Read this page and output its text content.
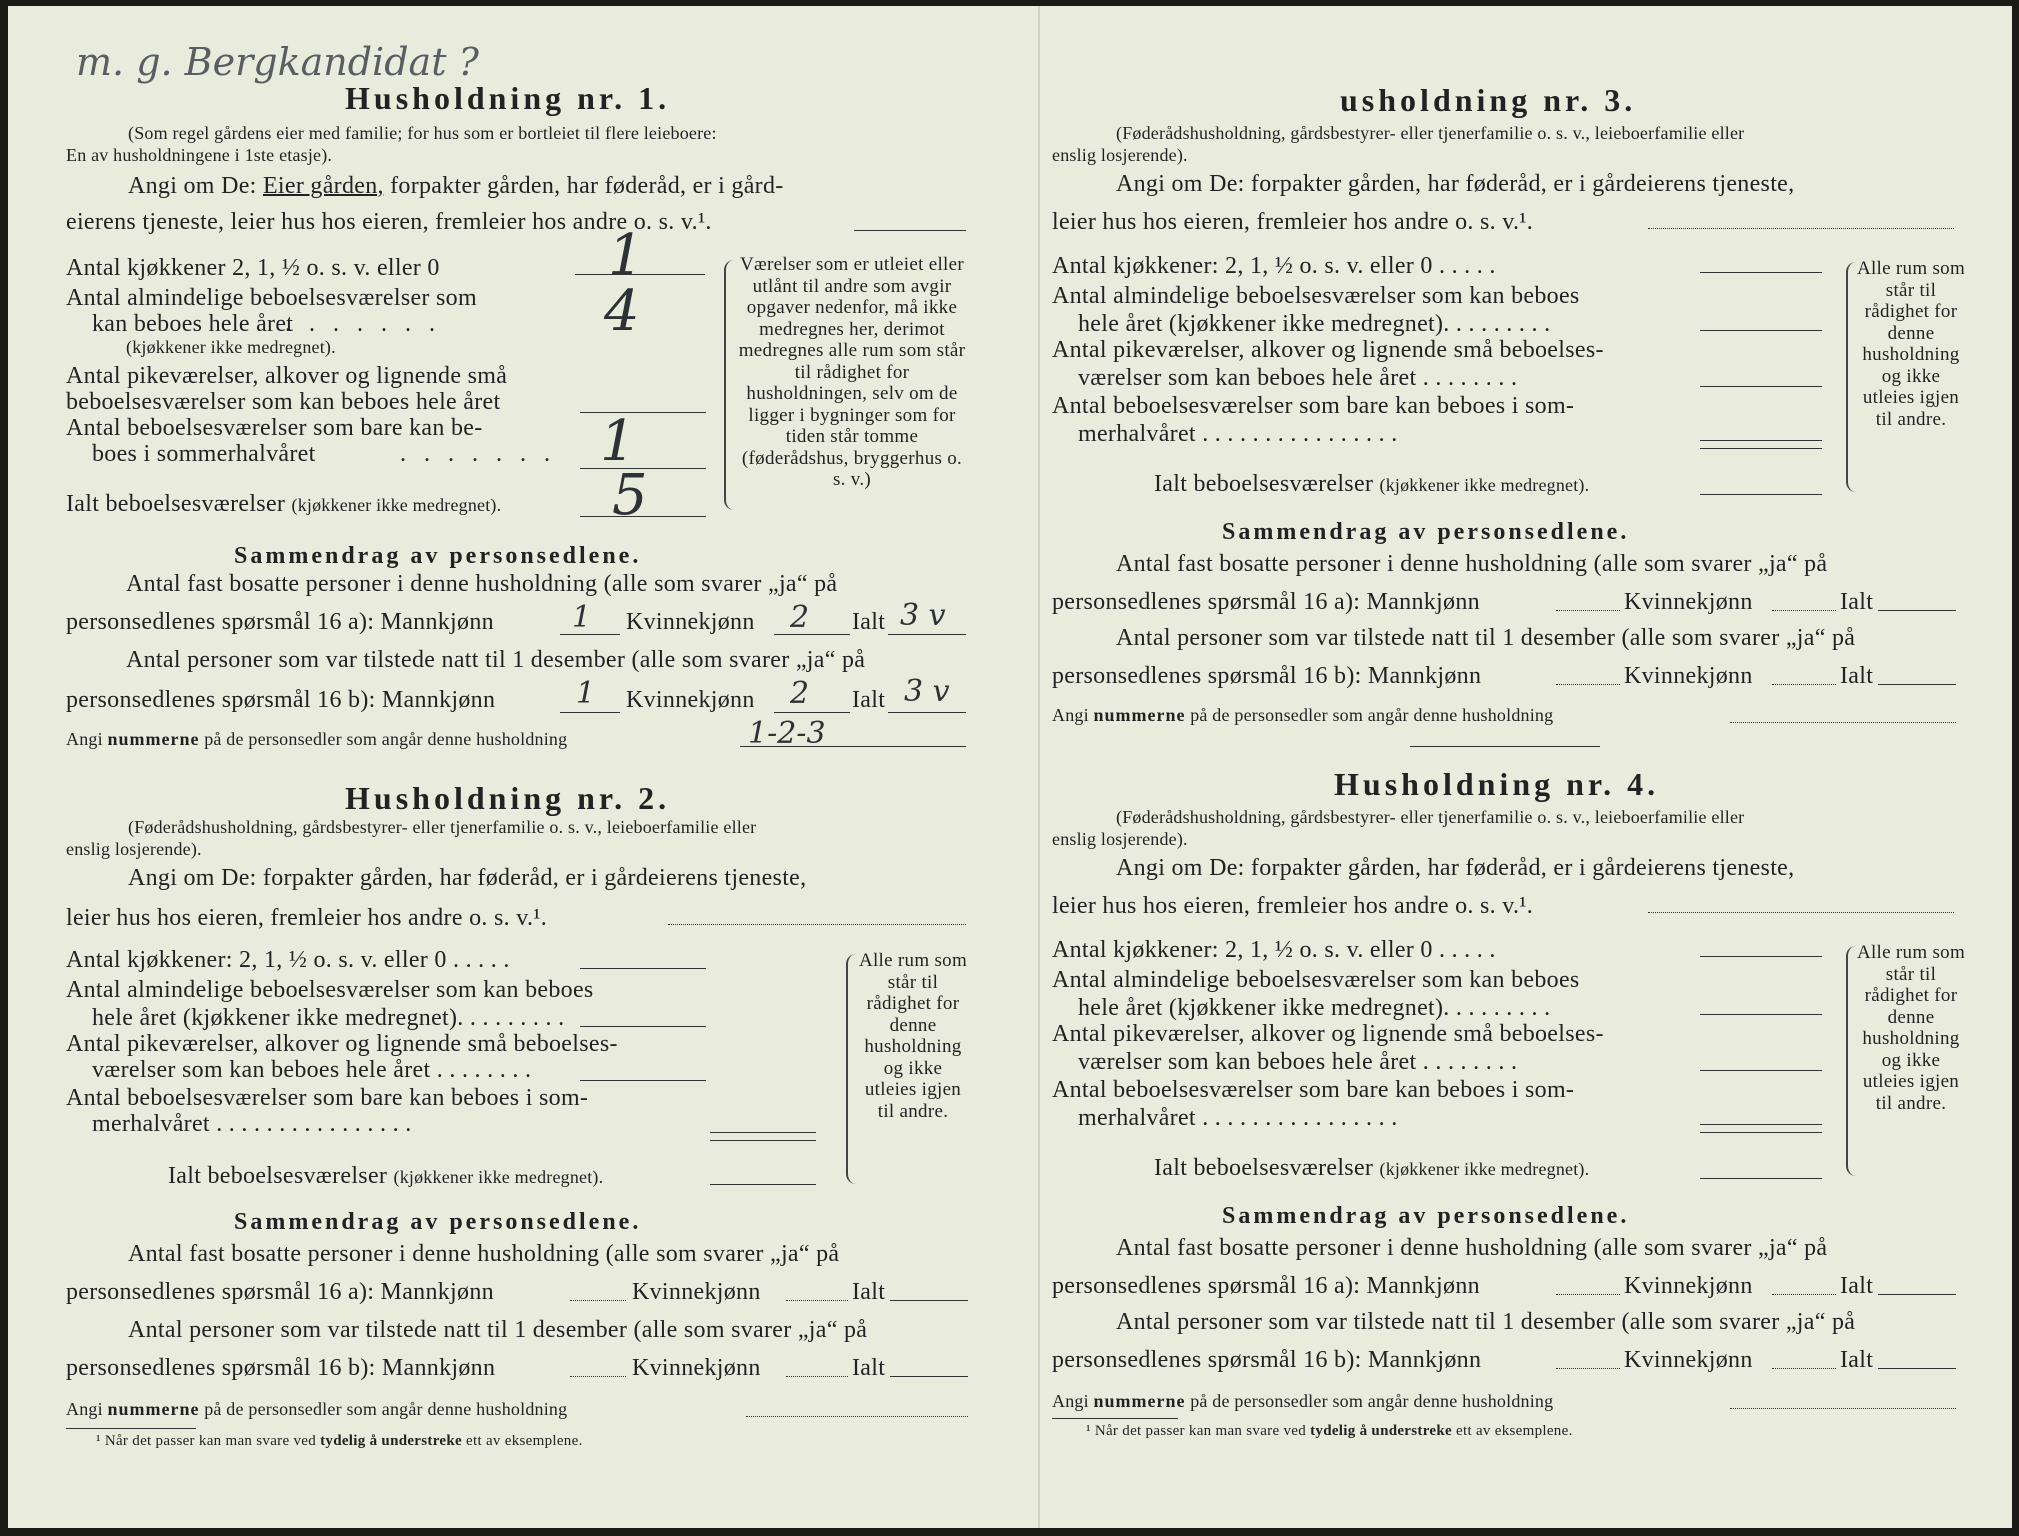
m. g. Bergkandidat ?
Husholdning nr. 1.
(Som regel gårdens eier med familie; for hus som er bortleiet til flere leieboere:
En av husholdningene i 1ste etasje).
Angi om De: Eier gården, forpakter gården, har føderåd, er i gård-
eierens tjeneste, leier hus hos eieren, fremleier hos andre o. s. v.¹.
Antal kjøkkener 2, 1, ½ o. s. v. eller 0	1
Antal almindelige beboelsesværelser som
kan beboes hele året
. . . . . . .	4
(kjøkkener ikke medregnet).
Antal pikeværelser, alkover og lignende små
beboelsesværelser som kan beboes hele året
Antal beboelsesværelser som bare kan be-
boes i sommerhalvåret	. . . . . . . 1
Ialt beboelsesværelser (kjøkkener ikke medregnet). 5
Værelser som er utleiet eller utlånt til andre som avgir opgaver nedenfor, må ikke medregnes her, derimot medregnes alle rum som står til rådighet for husholdningen, selv om de ligger i bygninger som for tiden står tomme (føderådshus, bryggerhus o. s. v.)
Sammendrag av personsedlene.
Antal fast bosatte personer i denne husholdning (alle som svarer „ja“ på
personsedlenes spørsmål 16 a): Mannkjønn	1 Kvinnekjønn 2 Ialt 3 v
Antal personer som var tilstede natt til 1 desember (alle som svarer „ja“ på
personsedlenes spørsmål 16 b): Mannkjønn	1 Kvinnekjønn 2 Ialt 3 v
Angi nummerne på de personsedler som angår denne husholdning	1-2-3
Husholdning nr. 2.
(Føderådshusholdning, gårdsbestyrer- eller tjenerfamilie o. s. v., leieboerfamilie eller
enslig losjerende).
Angi om De: forpakter gården, har føderåd, er i gårdeierens tjeneste,
leier hus hos eieren, fremleier hos andre o. s. v.¹.
Antal kjøkkener: 2, 1, ½ o. s. v. eller 0 . . . . .
Antal almindelige beboelsesværelser som kan beboes
hele året (kjøkkener ikke medregnet). . . . . . . . .
Antal pikeværelser, alkover og lignende små beboelses-
værelser som kan beboes hele året . . . . . . . .
Antal beboelsesværelser som bare kan beboes i som-
merhalvåret . . . . . . . . . . . . . . . .
Ialt beboelsesværelser (kjøkkener ikke medregnet).
Alle rum som står til rådighet for denne husholdning og ikke utleies igjen til andre.
Sammendrag av personsedlene.
Antal fast bosatte personer i denne husholdning (alle som svarer „ja“ på
personsedlenes spørsmål 16 a): Mannkjønn	Kvinnekjønn	Ialt
Antal personer som var tilstede natt til 1 desember (alle som svarer „ja“ på
personsedlenes spørsmål 16 b): Mannkjønn	Kvinnekjønn	Ialt
Angi nummerne på de personsedler som angår denne husholdning
¹ Når det passer kan man svare ved tydelig å understreke ett av eksemplene.
usholdning nr. 3.
(Føderådshusholdning, gårdsbestyrer- eller tjenerfamilie o. s. v., leieboerfamilie eller
enslig losjerende).
Angi om De: forpakter gården, har føderåd, er i gårdeierens tjeneste,
leier hus hos eieren, fremleier hos andre o. s. v.¹.
Antal kjøkkener: 2, 1, ½ o. s. v. eller 0 . . . . .
Antal almindelige beboelsesværelser som kan beboes
hele året (kjøkkener ikke medregnet). . . . . . . . .
Antal pikeværelser, alkover og lignende små beboelses-
værelser som kan beboes hele året . . . . . . . .
Antal beboelsesværelser som bare kan beboes i som-
merhalvåret . . . . . . . . . . . . . . . .
Ialt beboelsesværelser (kjøkkener ikke medregnet).
Alle rum som står til rådighet for denne husholdning og ikke utleies igjen til andre.
Sammendrag av personsedlene.
Antal fast bosatte personer i denne husholdning (alle som svarer „ja“ på
personsedlenes spørsmål 16 a): Mannkjønn	Kvinnekjønn	Ialt
Antal personer som var tilstede natt til 1 desember (alle som svarer „ja“ på
personsedlenes spørsmål 16 b): Mannkjønn	Kvinnekjønn	Ialt
Angi nummerne på de personsedler som angår denne husholdning
Husholdning nr. 4.
(Føderådshusholdning, gårdsbestyrer- eller tjenerfamilie o. s. v., leieboerfamilie eller
enslig losjerende).
Angi om De: forpakter gården, har føderåd, er i gårdeierens tjeneste,
leier hus hos eieren, fremleier hos andre o. s. v.¹.
Antal kjøkkener: 2, 1, ½ o. s. v. eller 0 . . . . .
Antal almindelige beboelsesværelser som kan beboes
hele året (kjøkkener ikke medregnet). . . . . . . . .
Antal pikeværelser, alkover og lignende små beboelses-
værelser som kan beboes hele året . . . . . . . .
Antal beboelsesværelser som bare kan beboes i som-
merhalvåret . . . . . . . . . . . . . . . .
Ialt beboelsesværelser (kjøkkener ikke medregnet).
Alle rum som står til rådighet for denne husholdning og ikke utleies igjen til andre.
Sammendrag av personsedlene.
Antal fast bosatte personer i denne husholdning (alle som svarer „ja“ på
personsedlenes spørsmål 16 a): Mannkjønn	Kvinnekjønn	Ialt
Antal personer som var tilstede natt til 1 desember (alle som svarer „ja“ på
personsedlenes spørsmål 16 b): Mannkjønn	Kvinnekjønn	Ialt
Angi nummerne på de personsedler som angår denne husholdning
¹ Når det passer kan man svare ved tydelig å understreke ett av eksemplene.
